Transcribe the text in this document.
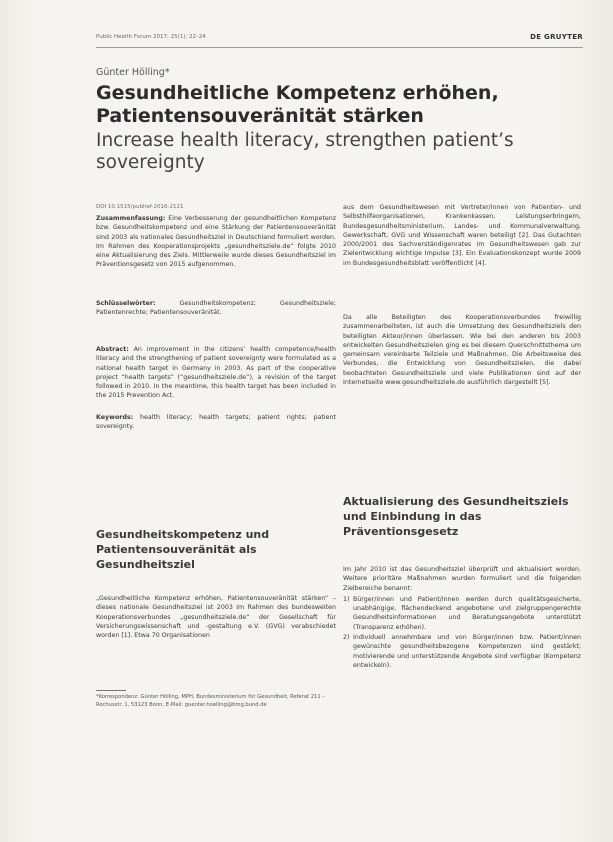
Public Health Forum 2017; 25(1): 22–24	DE GRUYTER
Günter Hölling*
Gesundheitliche Kompetenz erhöhen, Patientensouveränität stärken
Increase health literacy, strengthen patient’s sovereignty
DOI 10.1515/pubhef-2016-2121

Zusammenfassung: Eine Verbesserung der gesundheitlichen Kompetenz bzw. Gesundheitskompetenz und eine Stärkung der Patientensouveränität sind 2003 als nationales Gesundheitsziel in Deutschland formuliert worden. Im Rahmen des Kooperationsprojekts „gesundheitsziele.de“ folgte 2010 eine Aktualisierung des Ziels. Mittlerweile wurde dieses Gesundheitsziel im Präventionsgesetz von 2015 aufgenommen.

Schlüsselwörter: Gesundheitskompetenz; Gesundheitsziele; Patientenrechte; Patientensouveränität.

Abstract: An improvement in the citizens’ health competence/health literacy and the strengthening of patient sovereignty were formulated as a national health target in Germany in 2003. As part of the cooperative project “health targets” (“gesundheitsziele.de”), a revision of the target followed in 2010. In the meantime, this health target has been included in the 2015 Prevention Act.

Keywords: health literacy; health targets; patient rights; patient sovereignty.

Gesundheitskompetenz und Patientensouveränität als Gesundheitsziel

„Gesundheitliche Kompetenz erhöhen, Patientensouveränität stärken“ – dieses nationale Gesundheitsziel ist 2003 im Rahmen des bundesweiten Kooperationsverbundes „gesundheitsziele.de“ der Gesellschaft für Versicherungswissenschaft und -gestaltung e.V. (GVG) verabschiedet worden [1]. Etwa 70 Organisationen

*Korrespondenz: Günter Hölling, MPH, Bundesministerium für Gesundheit, Referat 211 – Rochusstr. 1, 53123 Bonn, E-Mail: guenter.hoelling@bmg.bund.de

aus dem Gesundheitswesen mit Vertreter/innen von Patienten- und Selbsthilfeorganisationen, Krankenkassen, Leistungserbringern, Bundesgesundheitsministerium, Landes- und Kommunalverwaltung, Gewerkschaft, GVG und Wissenschaft waren beteiligt [2]. Das Gutachten 2000/2001 des Sachverständigenrates im Gesundheitswesen gab zur Zielentwicklung wichtige Impulse [3]. Ein Evaluationskonzept wurde 2009 im Bundesgesundheitsblatt veröffentlicht [4].

Da alle Beteiligten des Kooperationsverbundes freiwillig zusammenarbeiteten, ist auch die Umsetzung des Gesundheitsziels den beteiligten Akteur/innen überlassen. Wie bei den anderen bis 2003 entwickelten Gesundheitszielen ging es bei diesem Querschnittsthema um gemeinsam vereinbarte Teilziele und Maßnahmen. Die Arbeitsweise des Verbundes, die Entwicklung von Gesundheitszielen, die dabei beobachteten Gesundheitsziele und viele Publikationen sind auf der Internetseite www.gesundheitsziele.de ausführlich dargestellt [5].

Aktualisierung des Gesundheitsziels und Einbindung in das Präventionsgesetz

Im Jahr 2010 ist das Gesundheitsziel überprüft und aktualisiert worden. Weitere prioritäre Maßnahmen wurden formuliert und die folgenden Zielbereiche benannt:

1) Bürger/innen und Patient/innen werden durch qualitätsgesicherte, unabhängige, flächendeckend angebotene und zielgruppengerechte Gesundheitsinformationen und Beratungsangebote unterstützt (Transparenz erhöhen).
2) Individuell annehmbare und von Bürger/innen bzw. Patient/innen gewünschte gesundheitsbezogene Kompetenzen sind gestärkt; motivierende und unterstützende Angebote sind verfügbar (Kompetenz entwickeln).
